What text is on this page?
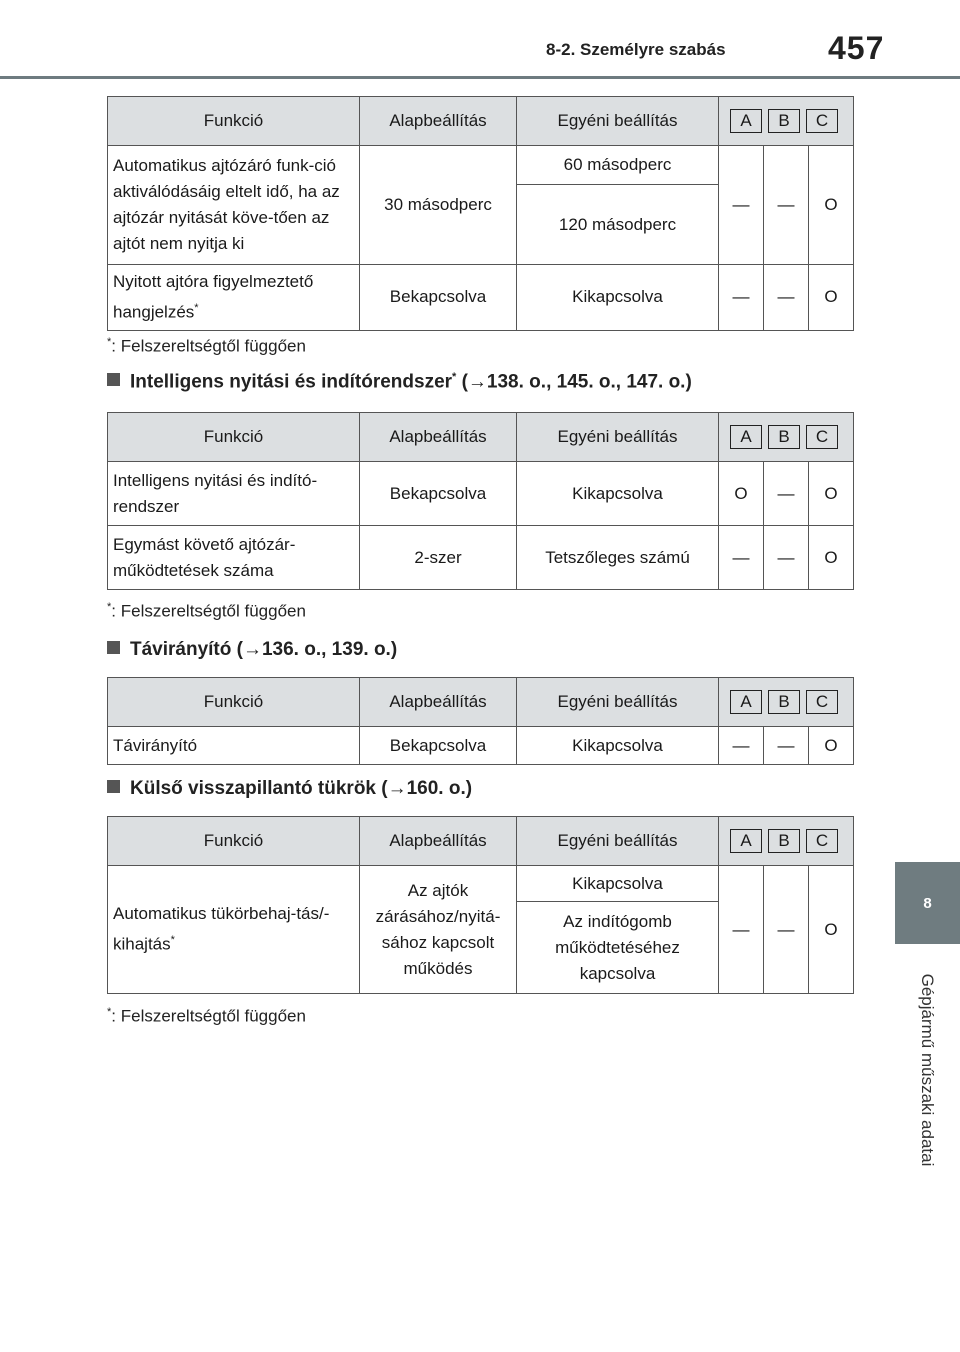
8-2. Személyre szabás	457
8
Gépjármű műszaki adatai
Funkció	Alapbeállítás	Egyéni beállítás	A B C		

Automatikus ajtózáró funk-ció aktiválódásáig eltelt idő, ha az ajtózár nyitását köve-tően az ajtót nem nyitja ki	30 másodperc	60 másodperc	—	—	O
		120 másodperc			
Nyitott ajtóra figyelmeztető hangjelzés*	Bekapcsolva	Kikapcsolva	—	—	O
*: Felszereltségtől függően
Intelligens nyitási és indítórendszer* (→138. o., 145. o., 147. o.)
Funkció	Alapbeállítás	Egyéni beállítás	A B C		

Intelligens nyitási és indító-rendszer	Bekapcsolva	Kikapcsolva	O	—	O
Egymást követő ajtózár-működtetések száma	2-szer	Tetszőleges számú	—	—	O
*: Felszereltségtől függően
Távirányító (→136. o., 139. o.)
Funkció	Alapbeállítás	Egyéni beállítás	A B C		

Távirányító	Bekapcsolva	Kikapcsolva	—	—	O
Külső visszapillantó tükrök (→160. o.)
Funkció	Alapbeállítás	Egyéni beállítás	A B C		

Automatikus tükörbehaj-tás/-kihajtás*	Az ajtók zárásához/nyitá-sához kapcsolt működés	Kikapcsolva	—	—	O
		Az indítógomb működtetéséhez kapcsolva			
*: Felszereltségtől függően
